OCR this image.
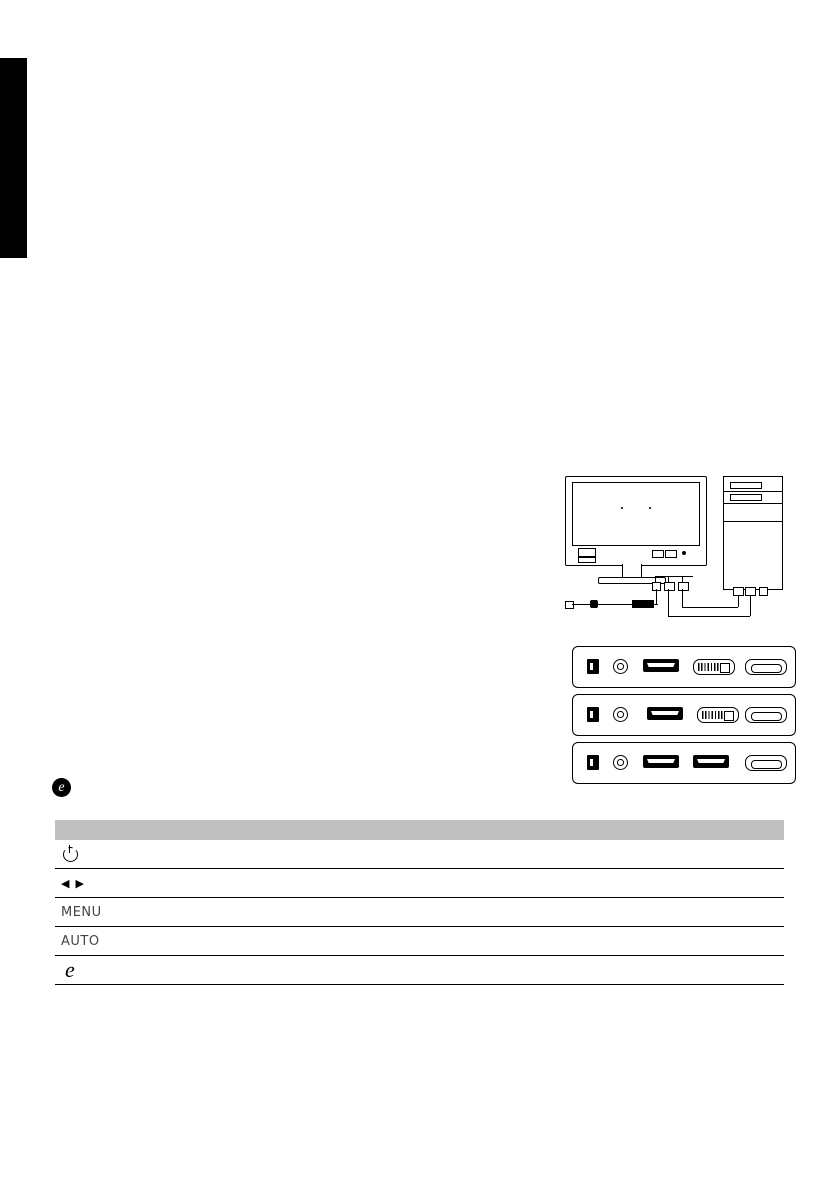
e

◀▶	
MENU	
AUTO	
e	
